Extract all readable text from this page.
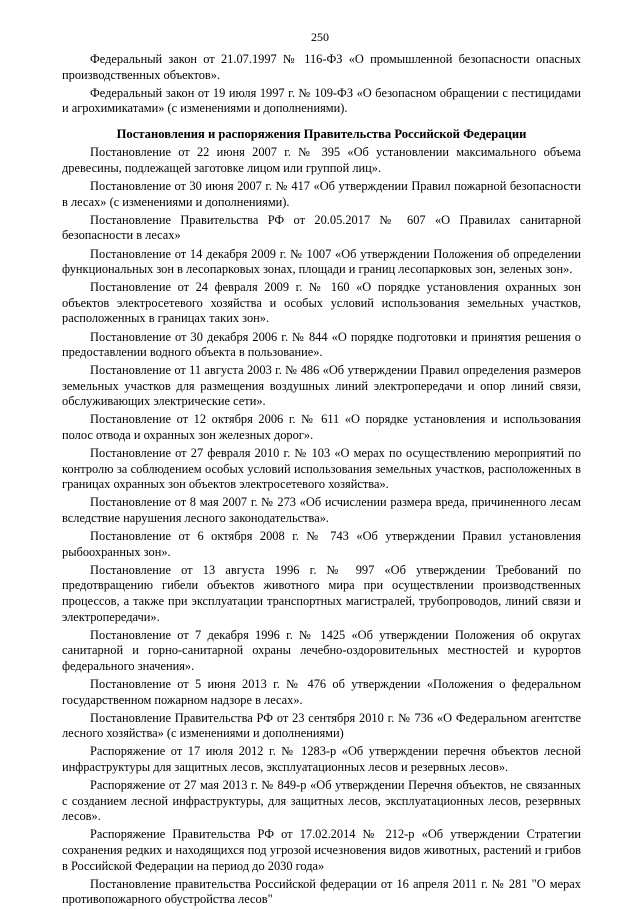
250

Федеральный закон от 21.07.1997 № 116-ФЗ «О промышленной безопасности опасных производственных объектов».

Федеральный закон от 19 июля 1997 г. № 109-ФЗ «О безопасном обращении с пестицидами и агрохимикатами» (с изменениями и дополнениями).

Постановления и распоряжения Правительства Российской Федерации

Постановление от 22 июня 2007 г. № 395 «Об установлении максимального объема древесины, подлежащей заготовке лицом или группой лиц».

Постановление от 30 июня 2007 г. № 417 «Об утверждении Правил пожарной безопасности в лесах» (с изменениями и дополнениями).

Постановление Правительства РФ от 20.05.2017 № 607 «О Правилах санитарной безопасности в лесах»

Постановление от 14 декабря 2009 г. № 1007 «Об утверждении Положения об определении функциональных зон в лесопарковых зонах, площади и границ лесопарковых зон, зеленых зон».

Постановление от 24 февраля 2009 г. № 160 «О порядке установления охранных зон объектов электросетевого хозяйства и особых условий использования земельных участков, расположенных в границах таких зон».

Постановление от 30 декабря 2006 г. № 844 «О порядке подготовки и принятия решения о предоставлении водного объекта в пользование».

Постановление от 11 августа 2003 г. № 486 «Об утверждении Правил определения размеров земельных участков для размещения воздушных линий электропередачи и опор линий связи, обслуживающих электрические сети».

Постановление от 12 октября 2006 г. № 611 «О порядке установления и использования полос отвода и охранных зон железных дорог».

Постановление от 27 февраля 2010 г. № 103 «О мерах по осуществлению мероприятий по контролю за соблюдением особых условий использования земельных участков, расположенных в границах охранных зон объектов электросетевого хозяйства».

Постановление от 8 мая 2007 г. № 273 «Об исчислении размера вреда, причиненного лесам вследствие нарушения лесного законодательства».

Постановление от 6 октября 2008 г. № 743 «Об утверждении Правил установления рыбоохранных зон».

Постановление от 13 августа 1996 г. № 997 «Об утверждении Требований по предотвращению гибели объектов животного мира при осуществлении производственных процессов, а также при эксплуатации транспортных магистралей, трубопроводов, линий связи и электропередачи».

Постановление от 7 декабря 1996 г. № 1425 «Об утверждении Положения об округах санитарной и горно-санитарной охраны лечебно-оздоровительных местностей и курортов федерального значения».

Постановление от 5 июня 2013 г. № 476 об утверждении «Положения о федеральном государственном пожарном надзоре в лесах».

Постановление Правительства РФ от 23 сентября 2010 г. № 736 «О Федеральном агентстве лесного хозяйства» (с изменениями и дополнениями)

Распоряжение от 17 июля 2012 г. № 1283-р «Об утверждении перечня объектов лесной инфраструктуры для защитных лесов, эксплуатационных лесов и резервных лесов».

Распоряжение от 27 мая 2013 г. № 849-р «Об утверждении Перечня объектов, не связанных с созданием лесной инфраструктуры, для защитных лесов, эксплуатационных лесов, резервных лесов».

Распоряжение Правительства РФ от 17.02.2014 № 212-р «Об утверждении Стратегии сохранения редких и находящихся под угрозой исчезновения видов животных, растений и грибов в Российской Федерации на период до 2030 года»

Постановление правительства Российской федерации от 16 апреля 2011 г. № 281 "О мерах противопожарного обустройства лесов"
